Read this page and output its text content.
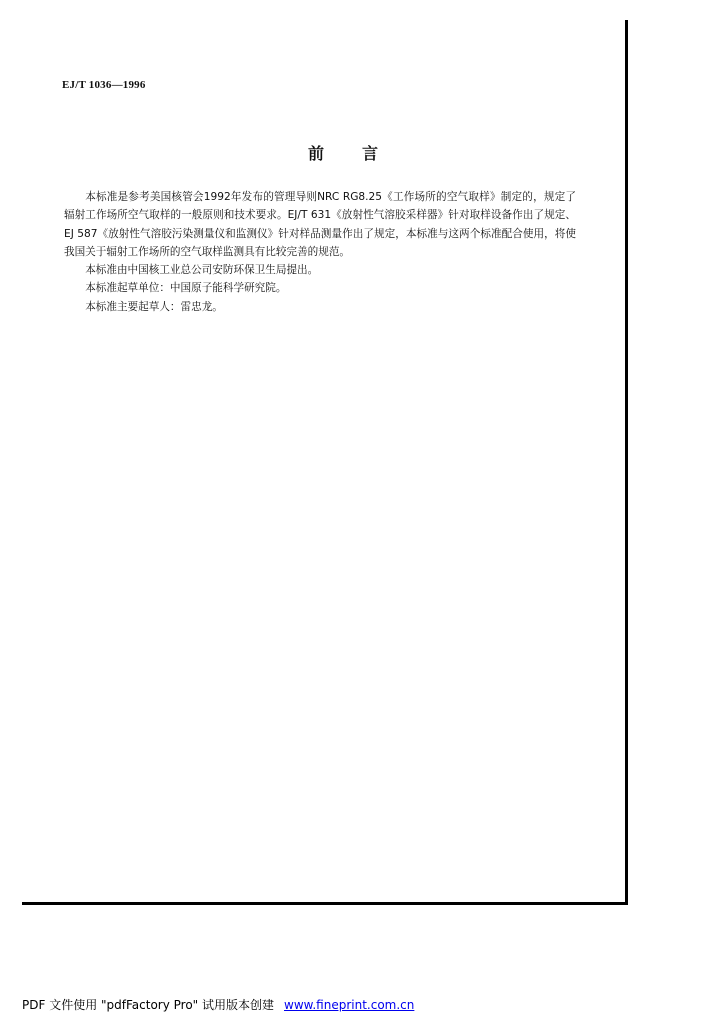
EJ/T 1036—1996
前言

本标准是参考美国核管会1992年发布的管理导则NRC RG8.25《工作场所的空气取样》制定的，规定了辐射工作场所空气取样的一般原则和技术要求。EJ/T 631《放射性气溶胶采样器》针对取样设备作出了规定、EJ 587《放射性气溶胶污染测量仪和监测仪》针对样品测量作出了规定，本标准与这两个标准配合使用，将使我国关于辐射工作场所的空气取样监测具有比较完善的规范。

本标准由中国核工业总公司安防环保卫生局提出。

本标准起草单位：中国原子能科学研究院。

本标准主要起草人：雷忠龙。

PDF 文件使用 "pdfFactory Pro" 试用版本创建 www.fineprint.com.cn
